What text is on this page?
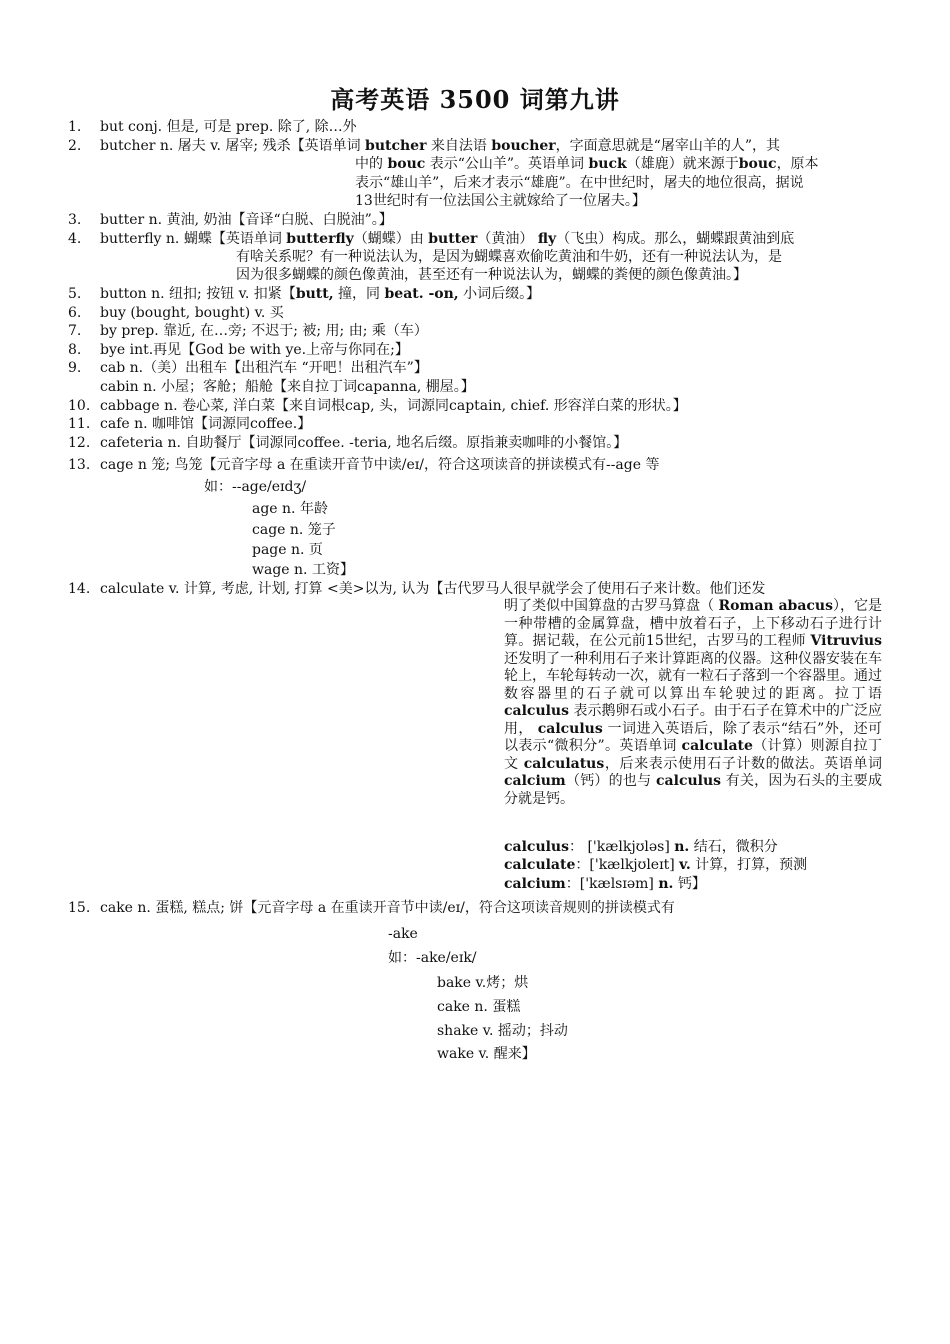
高考英语 3500 词第九讲
1. but conj. 但是, 可是 prep. 除了, 除…外
2. butcher n. 屠夫 v. 屠宰; 残杀【英语单词 butcher 来自法语 boucher，字面意思就是“屠宰山羊的人”，其
中的 bouc 表示“公山羊”。英语单词 buck（雄鹿）就来源于bouc，原本
表示“雄山羊”，后来才表示“雄鹿”。在中世纪时，屠夫的地位很高，据说
13世纪时有一位法国公主就嫁给了一位屠夫。】
3. butter n. 黄油, 奶油【音译“白脱、白脱油”。】
4. butterfly n. 蝴蝶【英语单词 butterfly（蝴蝶）由 butter（黄油） fly（飞虫）构成。那么，蝴蝶跟黄油到底
有啥关系呢？有一种说法认为，是因为蝴蝶喜欢偷吃黄油和牛奶，还有一种说法认为，是
因为很多蝴蝶的颜色像黄油，甚至还有一种说法认为，蝴蝶的粪便的颜色像黄油。】
5. button n. 纽扣; 按钮 v. 扣紧【butt, 撞，同 beat. -on, 小词后缀。】
6. buy (bought, bought) v. 买
7. by prep. 靠近, 在…旁; 不迟于; 被; 用; 由; 乘（车）
8. bye int.再见【God be with ye.上帝与你同在;】
9. cab n.（美）出租车【出租汽车 “开吧！出租汽车”】
cabin n. 小屋；客舱；船舱【来自拉丁词capanna, 棚屋。】
10. cabbage n. 卷心菜, 洋白菜【来自词根cap, 头，词源同captain, chief. 形容洋白菜的形状。】
11. cafe n. 咖啡馆【词源同coffee.】
12. cafeteria n. 自助餐厅【词源同coffee. -teria, 地名后缀。原指兼卖咖啡的小餐馆。】
13. cage n 笼; 鸟笼【元音字母 a 在重读开音节中读/eɪ/，符合这项读音的拼读模式有--age 等
如：--age/eɪdʒ/
age n. 年龄
cage n. 笼子
page n. 页
wage n. 工资】
14. calculate v. 计算, 考虑, 计划, 打算 <美>以为, 认为【古代罗马人很早就学会了使用石子来计数。他们还发
明了类似中国算盘的古罗马算盘（ Roman abacus），它是一种带槽的金属算盘，槽中放着石子，上下移动石子进行计算。据记载，在公元前15世纪，古罗马的工程师 Vitruvius 还发明了一种利用石子来计算距离的仪器。这种仪器安装在车轮上，车轮每转动一次，就有一粒石子落到一个容器里。通过数容器里的石子就可以算出车轮驶过的距离。拉丁语calculus 表示鹅卵石或小石子。由于石子在算术中的广泛应用， calculus 一词进入英语后，除了表示“结石”外，还可以表示“微积分”。英语单词 calculate（计算）则源自拉丁文 calculatus，后来表示使用石子计数的做法。英语单词 calcium（钙）的也与 calculus 有关，因为石头的主要成分就是钙。
calculus： ['kælkjʊləs] n. 结石，微积分
calculate：['kælkjʊleɪt] v. 计算，打算，预测
calcium：['kælsɪəm] n. 钙】
15. cake n. 蛋糕, 糕点; 饼【元音字母 a 在重读开音节中读/eɪ/，符合这项读音规则的拼读模式有
-ake
如：-ake/eɪk/
bake v.烤；烘
cake n. 蛋糕
shake v. 摇动；抖动
wake v. 醒来】
